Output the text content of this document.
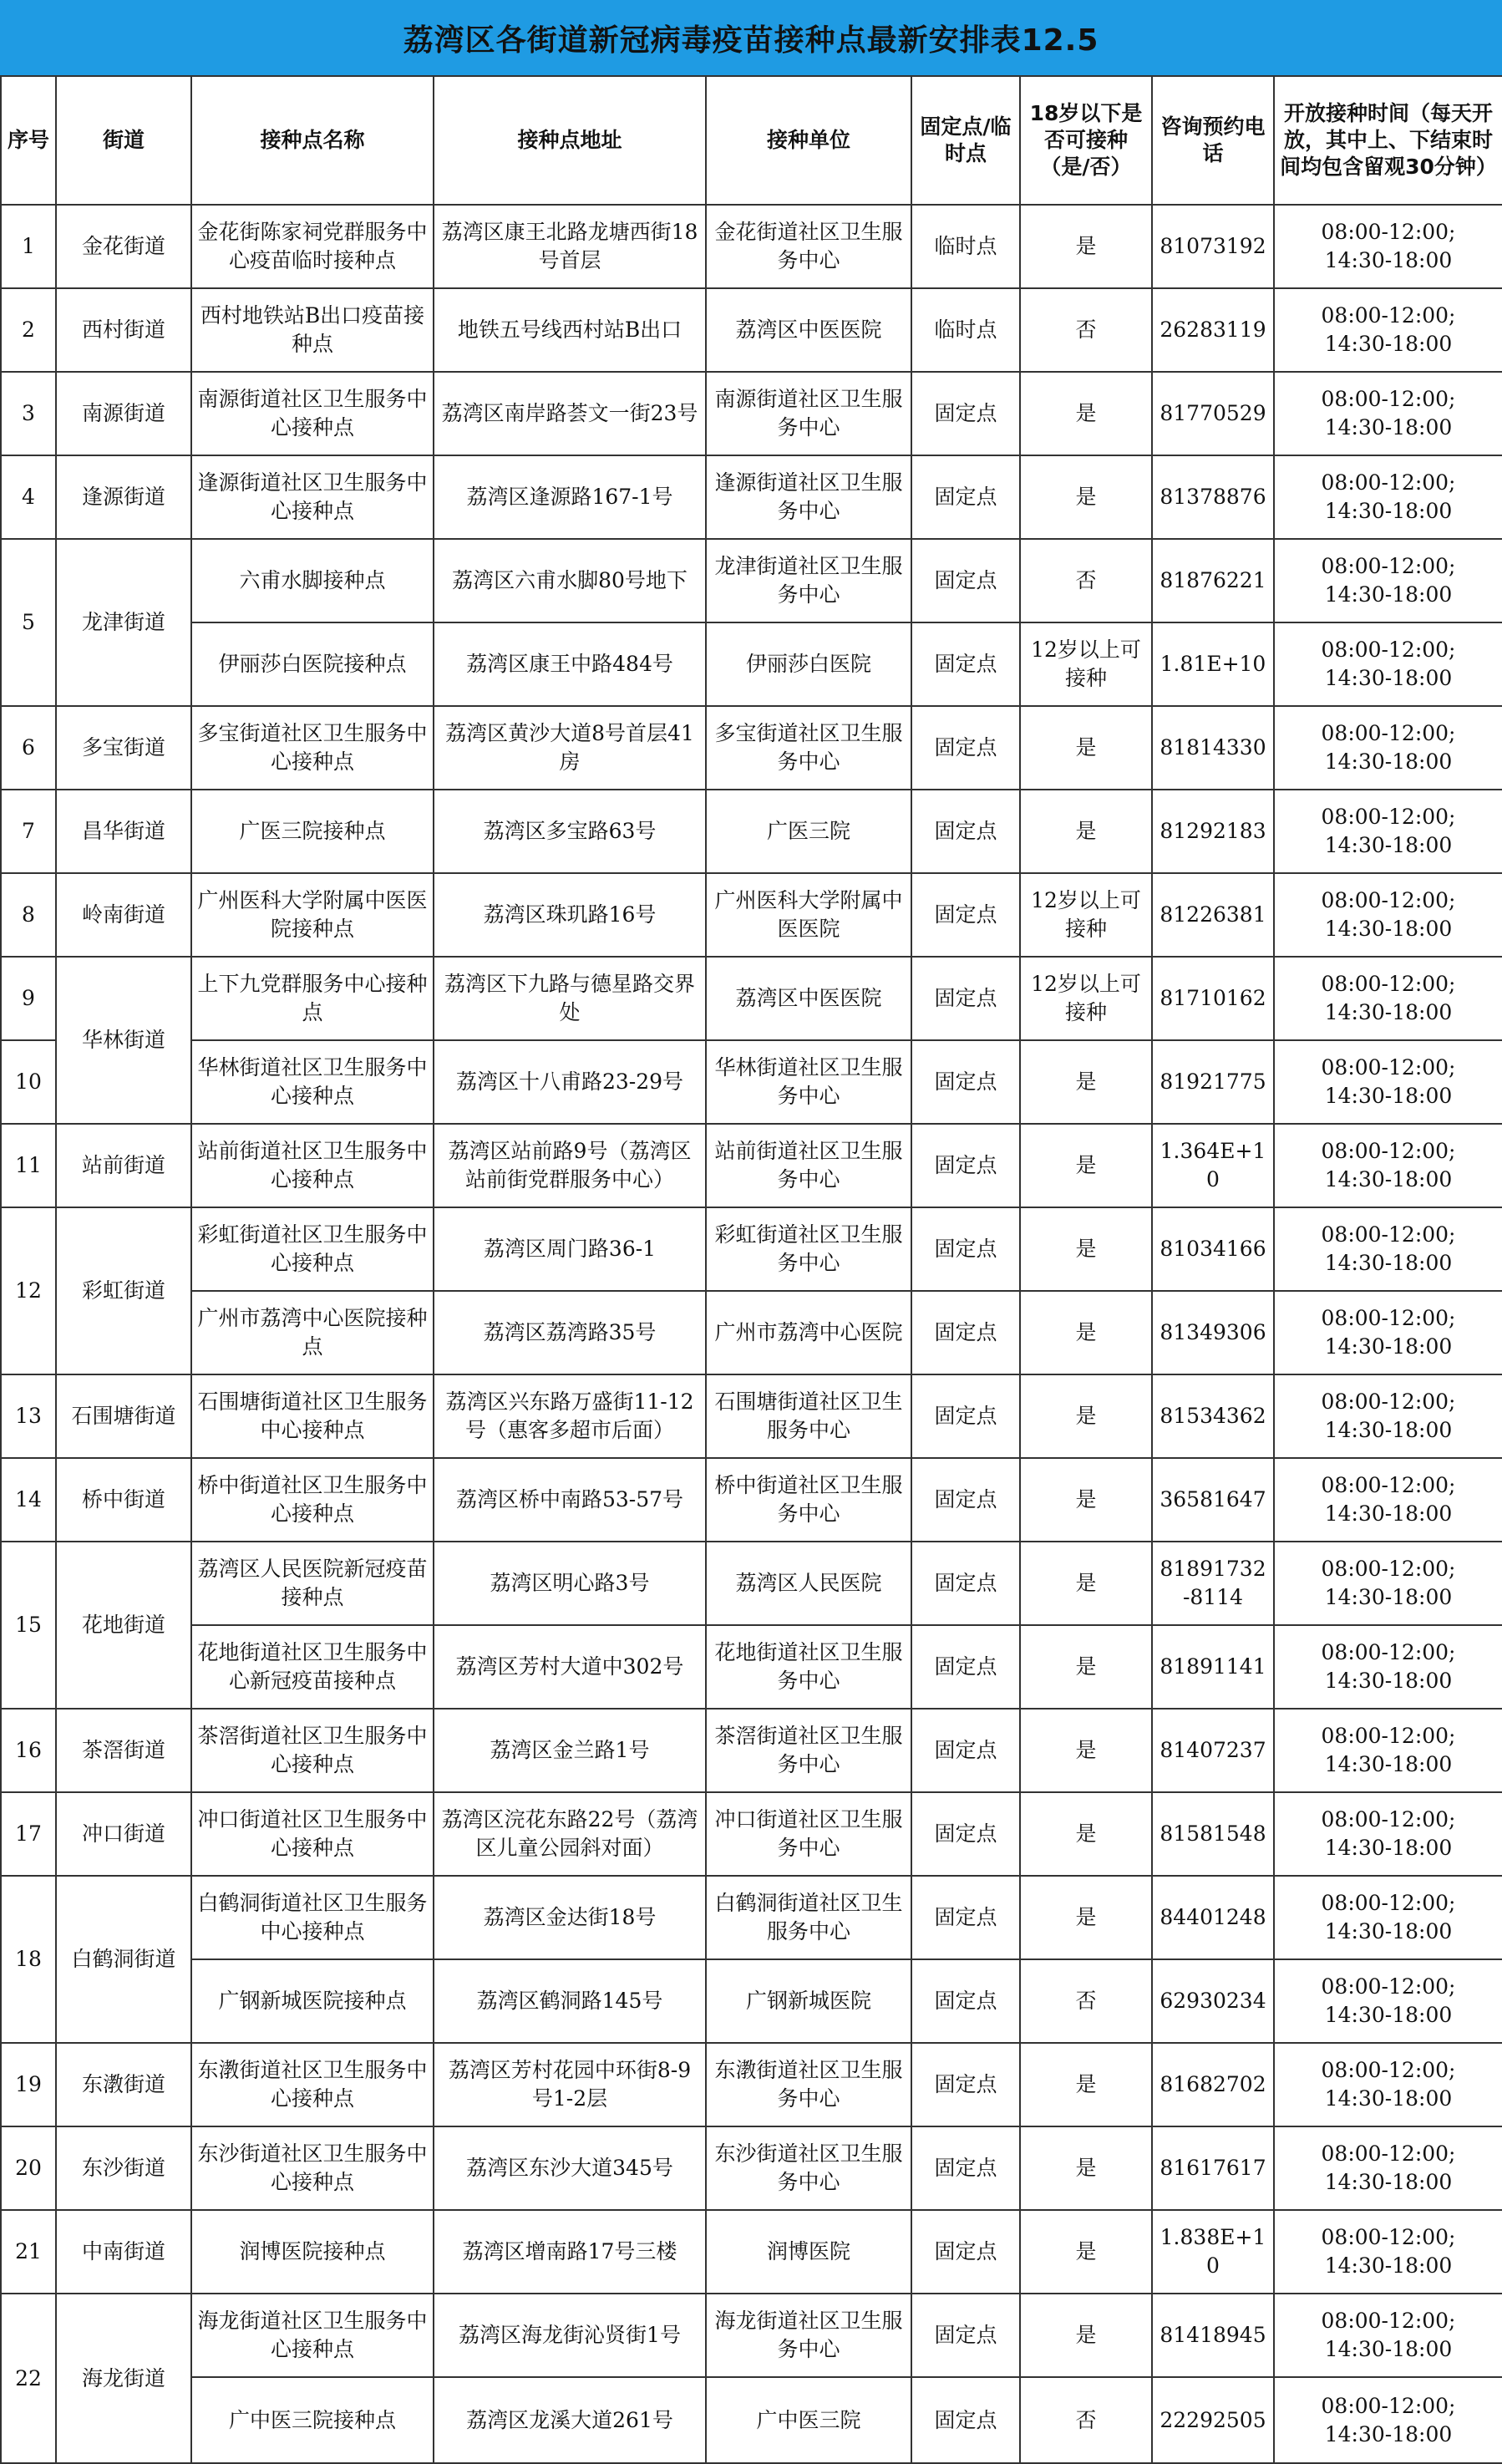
荔湾区各街道新冠病毒疫苗接种点最新安排表12.5
序号	街道	接种点名称	接种点地址	接种单位	固定点/临时点	18岁以下是否可接种（是/否）	咨询预约电话	开放接种时间（每天开放，其中上、下结束时间均包含留观30分钟）
1	金花街道	金花街陈家祠党群服务中心疫苗临时接种点	荔湾区康王北路龙塘西街18号首层	金花街道社区卫生服务中心	临时点	是	81073192	08:00-12:00;
14:30-18:00

2	西村街道	西村地铁站B出口疫苗接种点	地铁五号线西村站B出口	荔湾区中医医院	临时点	否	26283119	08:00-12:00;
14:30-18:00

3	南源街道	南源街道社区卫生服务中心接种点	荔湾区南岸路荟文一街23号	南源街道社区卫生服务中心	固定点	是	81770529	08:00-12:00;
14:30-18:00

4	逢源街道	逢源街道社区卫生服务中心接种点	荔湾区逢源路167-1号	逢源街道社区卫生服务中心	固定点	是	81378876	08:00-12:00;
14:30-18:00

5	龙津街道	六甫水脚接种点	荔湾区六甫水脚80号地下	龙津街道社区卫生服务中心	固定点	否	81876221	08:00-12:00;
14:30-18:00

		伊丽莎白医院接种点	荔湾区康王中路484号	伊丽莎白医院	固定点	12岁以上可接种	1.81E+10	08:00-12:00;
14:30-18:00

6	多宝街道	多宝街道社区卫生服务中心接种点	荔湾区黄沙大道8号首层41房	多宝街道社区卫生服务中心	固定点	是	81814330	08:00-12:00;
14:30-18:00

7	昌华街道	广医三院接种点	荔湾区多宝路63号	广医三院	固定点	是	81292183	08:00-12:00;
14:30-18:00

8	岭南街道	广州医科大学附属中医医院接种点	荔湾区珠玑路16号	广州医科大学附属中医医院	固定点	12岁以上可接种	81226381	08:00-12:00;
14:30-18:00

9	华林街道	上下九党群服务中心接种点	荔湾区下九路与德星路交界处	荔湾区中医医院	固定点	12岁以上可接种	81710162	08:00-12:00;
14:30-18:00

10		华林街道社区卫生服务中心接种点	荔湾区十八甫路23-29号	华林街道社区卫生服务中心	固定点	是	81921775	08:00-12:00;
14:30-18:00

11	站前街道	站前街道社区卫生服务中心接种点	荔湾区站前路9号（荔湾区站前街党群服务中心）	站前街道社区卫生服务中心	固定点	是	1.364E+10	08:00-12:00;
14:30-18:00

12	彩虹街道	彩虹街道社区卫生服务中心接种点	荔湾区周门路36-1	彩虹街道社区卫生服务中心	固定点	是	81034166	08:00-12:00;
14:30-18:00

		广州市荔湾中心医院接种点	荔湾区荔湾路35号	广州市荔湾中心医院	固定点	是	81349306	08:00-12:00;
14:30-18:00

13	石围塘街道	石围塘街道社区卫生服务中心接种点	荔湾区兴东路万盛街11-12号（惠客多超市后面）	石围塘街道社区卫生服务中心	固定点	是	81534362	08:00-12:00;
14:30-18:00

14	桥中街道	桥中街道社区卫生服务中心接种点	荔湾区桥中南路53-57号	桥中街道社区卫生服务中心	固定点	是	36581647	08:00-12:00;
14:30-18:00

15	花地街道	荔湾区人民医院新冠疫苗接种点	荔湾区明心路3号	荔湾区人民医院	固定点	是	81891732-8114	08:00-12:00;
14:30-18:00

		花地街道社区卫生服务中心新冠疫苗接种点	荔湾区芳村大道中302号	花地街道社区卫生服务中心	固定点	是	81891141	08:00-12:00;
14:30-18:00

16	茶滘街道	茶滘街道社区卫生服务中心接种点	荔湾区金兰路1号	茶滘街道社区卫生服务中心	固定点	是	81407237	08:00-12:00;
14:30-18:00

17	冲口街道	冲口街道社区卫生服务中心接种点	荔湾区浣花东路22号（荔湾区儿童公园斜对面）	冲口街道社区卫生服务中心	固定点	是	81581548	08:00-12:00;
14:30-18:00

18	白鹤洞街道	白鹤洞街道社区卫生服务中心接种点	荔湾区金达街18号	白鹤洞街道社区卫生服务中心	固定点	是	84401248	08:00-12:00;
14:30-18:00

		广钢新城医院接种点	荔湾区鹤洞路145号	广钢新城医院	固定点	否	62930234	08:00-12:00;
14:30-18:00

19	东漖街道	东漖街道社区卫生服务中心接种点	荔湾区芳村花园中环街8-9号1-2层	东漖街道社区卫生服务中心	固定点	是	81682702	08:00-12:00;
14:30-18:00

20	东沙街道	东沙街道社区卫生服务中心接种点	荔湾区东沙大道345号	东沙街道社区卫生服务中心	固定点	是	81617617	08:00-12:00;
14:30-18:00

21	中南街道	润博医院接种点	荔湾区增南路17号三楼	润博医院	固定点	是	1.838E+10	08:00-12:00;
14:30-18:00

22	海龙街道	海龙街道社区卫生服务中心接种点	荔湾区海龙街沁贤街1号	海龙街道社区卫生服务中心	固定点	是	81418945	08:00-12:00;
14:30-18:00

		广中医三院接种点	荔湾区龙溪大道261号	广中医三院	固定点	否	22292505	08:00-12:00;
14:30-18:00
